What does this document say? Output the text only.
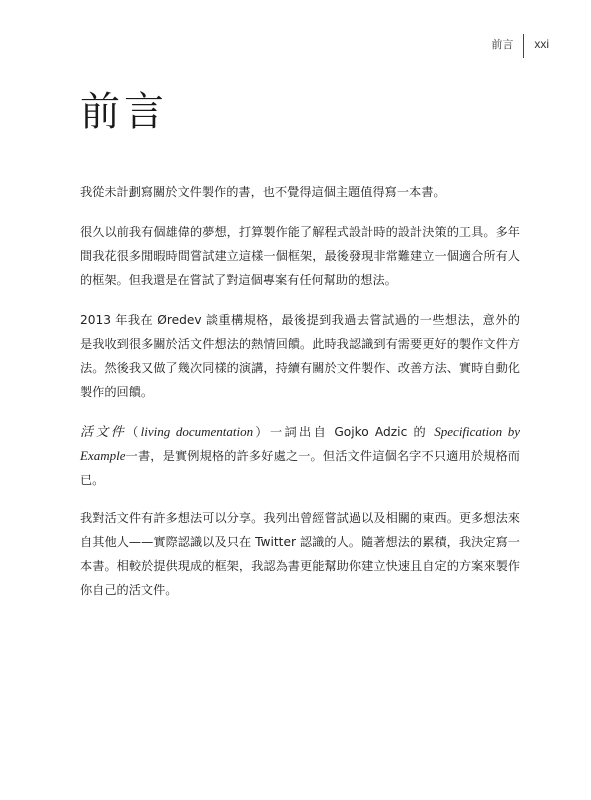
前言	xxi
前言

我從未計劃寫關於文件製作的書，也不覺得這個主題值得寫一本書。

很久以前我有個雄偉的夢想，打算製作能了解程式設計時的設計決策的工具。多年間我花很多閒暇時間嘗試建立這樣一個框架，最後發現非常難建立一個適合所有人的框架。但我還是在嘗試了對這個專案有任何幫助的想法。

2013 年我在 Øredev 談重構規格，最後提到我過去嘗試過的一些想法，意外的是我收到很多關於活文件想法的熱情回饋。此時我認識到有需要更好的製作文件方法。然後我又做了幾次同樣的演講，持續有關於文件製作、改善方法、實時自動化製作的回饋。

活文件（living documentation）一詞出自 Gojko Adzic 的 Specification by Example一書，是實例規格的許多好處之一。但活文件這個名字不只適用於規格而已。

我對活文件有許多想法可以分享。我列出曾經嘗試過以及相關的東西。更多想法來自其他人——實際認識以及只在 Twitter 認識的人。隨著想法的累積，我決定寫一本書。相較於提供現成的框架，我認為書更能幫助你建立快速且自定的方案來製作你自己的活文件。
